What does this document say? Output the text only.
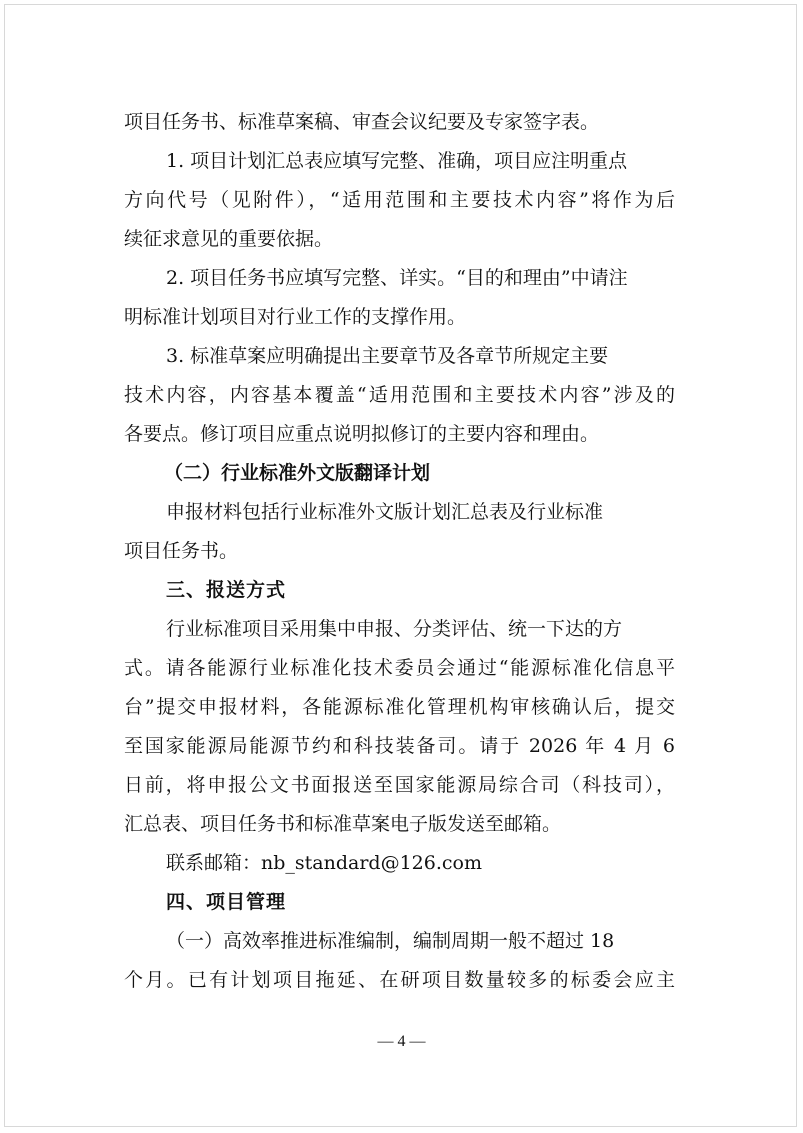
项目任务书、标准草案稿、审查会议纪要及专家签字表。
1. 项目计划汇总表应填写完整、准确，项目应注明重点
方向代号（见附件），“适用范围和主要技术内容”将作为后
续征求意见的重要依据。
2. 项目任务书应填写完整、详实。“目的和理由”中请注
明标准计划项目对行业工作的支撑作用。
3. 标准草案应明确提出主要章节及各章节所规定主要
技术内容，内容基本覆盖“适用范围和主要技术内容”涉及的
各要点。修订项目应重点说明拟修订的主要内容和理由。
（二）行业标准外文版翻译计划
申报材料包括行业标准外文版计划汇总表及行业标准
项目任务书。
三、报送方式
行业标准项目采用集中申报、分类评估、统一下达的方
式。请各能源行业标准化技术委员会通过“能源标准化信息平
台”提交申报材料，各能源标准化管理机构审核确认后，提交
至国家能源局能源节约和科技装备司。请于 2026 年 4 月 6
日前，将申报公文书面报送至国家能源局综合司（科技司），
汇总表、项目任务书和标准草案电子版发送至邮箱。
联系邮箱：nb_standard@126.com
四、项目管理
（一）高效率推进标准编制，编制周期一般不超过 18
个月。已有计划项目拖延、在研项目数量较多的标委会应主
— 4 —
